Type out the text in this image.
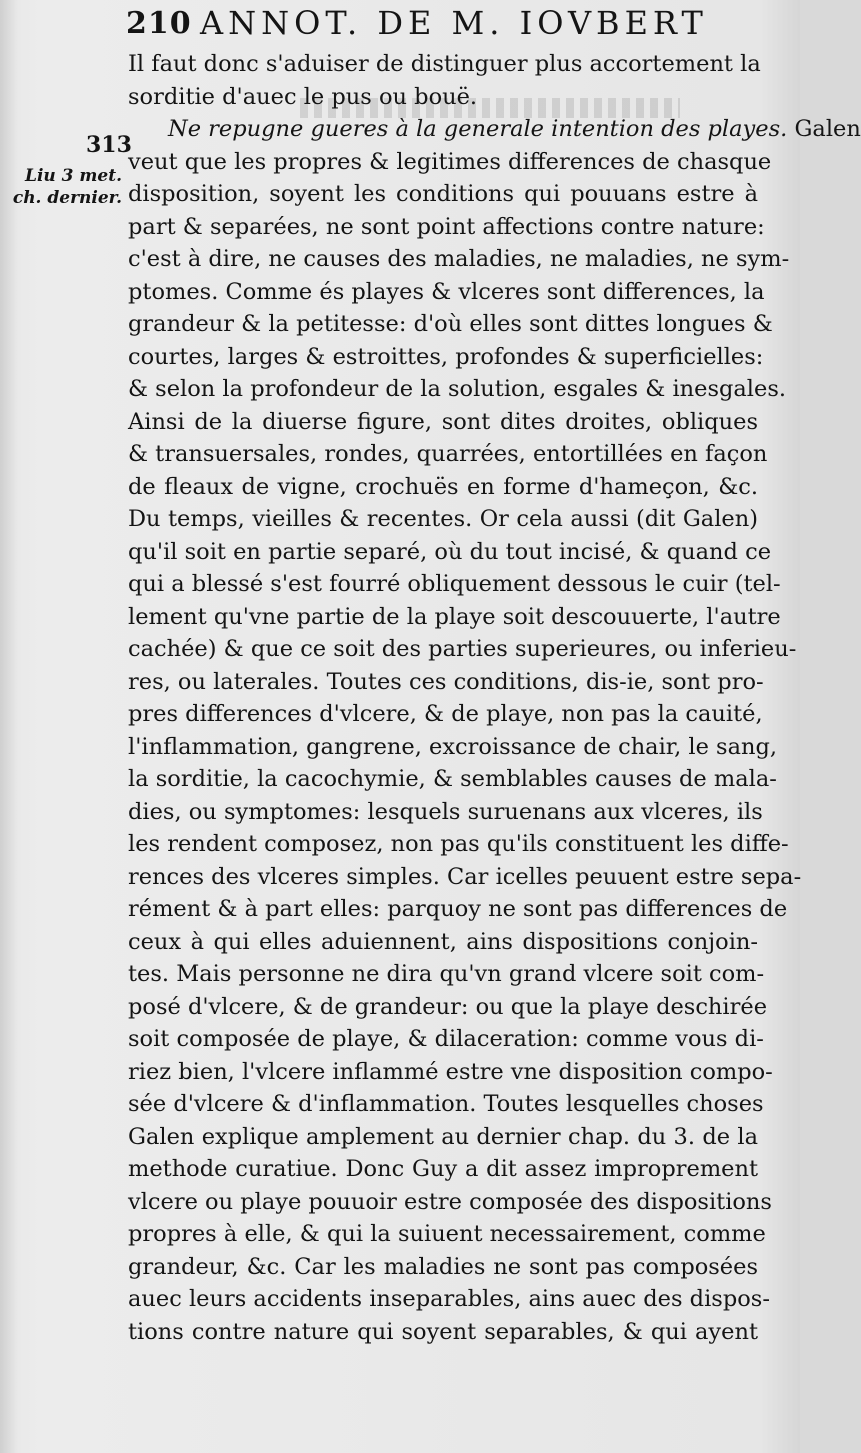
210 ANNOT. DE M. IOVBERT
313
Liu 3 met.
ch. dernier.
Il faut donc s'aduiser de distinguer plus accortement la
sorditie d'auec le pus ou bouë.
Ne repugne gueres à la generale intention des playes. Galen
veut que les propres & legitimes differences de chasque
disposition, soyent les conditions qui pouuans estre à
part & separées, ne sont point affections contre nature:
c'est à dire, ne causes des maladies, ne maladies, ne sym-
ptomes. Comme és playes & vlceres sont differences, la
grandeur & la petitesse: d'où elles sont dittes longues &
courtes, larges & estroittes, profondes & superficielles:
& selon la profondeur de la solution, esgales & inesgales.
Ainsi de la diuerse figure, sont dites droites, obliques
& transuersales, rondes, quarrées, entortillées en façon
de fleaux de vigne, crochuës en forme d'hameçon, &c.
Du temps, vieilles & recentes. Or cela aussi (dit Galen)
qu'il soit en partie separé, où du tout incisé, & quand ce
qui a blessé s'est fourré obliquement dessous le cuir (tel-
lement qu'vne partie de la playe soit descouuerte, l'autre
cachée) & que ce soit des parties superieures, ou inferieu-
res, ou laterales. Toutes ces conditions, dis-ie, sont pro-
pres differences d'vlcere, & de playe, non pas la cauité,
l'inflammation, gangrene, excroissance de chair, le sang,
la sorditie, la cacochymie, & semblables causes de mala-
dies, ou symptomes: lesquels suruenans aux vlceres, ils
les rendent composez, non pas qu'ils constituent les diffe-
rences des vlceres simples. Car icelles peuuent estre sepa-
rément & à part elles: parquoy ne sont pas differences de
ceux à qui elles aduiennent, ains dispositions conjoin-
tes. Mais personne ne dira qu'vn grand vlcere soit com-
posé d'vlcere, & de grandeur: ou que la playe deschirée
soit composée de playe, & dilaceration: comme vous di-
riez bien, l'vlcere inflammé estre vne disposition compo-
sée d'vlcere & d'inflammation. Toutes lesquelles choses
Galen explique amplement au dernier chap. du 3. de la
methode curatiue. Donc Guy a dit assez improprement
vlcere ou playe pouuoir estre composée des dispositions
propres à elle, & qui la suiuent necessairement, comme
grandeur, &c. Car les maladies ne sont pas composées
auec leurs accidents inseparables, ains auec des dispos-
tions contre nature qui soyent separables, & qui ayent
